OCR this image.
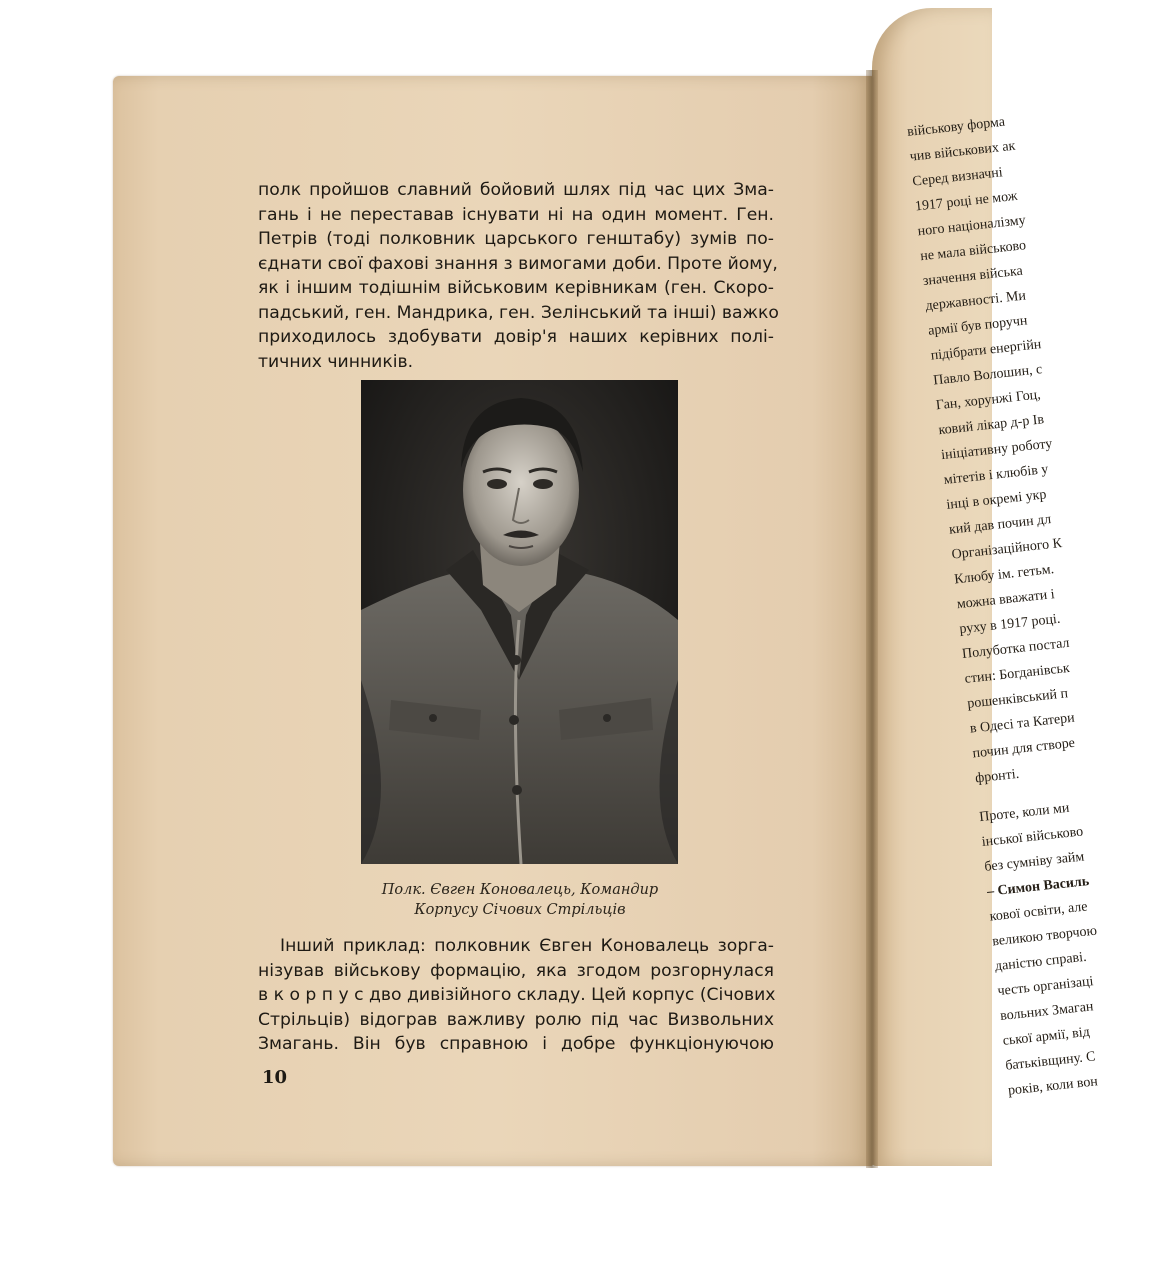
військову форма
чив військових ак
Серед визначні
1917 році не мож
ного націоналізму
не мала військово
значення війська
державності. Ми
армії був поручн
підібрати енергійн
Павло Волошин, с
Ган, хорунжі Гоц,
ковий лікар д-р Ів
ініціативну роботу
мітетів і клюбів у
інці в окремі укр
кий дав почин дл
Організаційного К
Клюбу ім. гетьм.
можна вважати і
руху в 1917 році.
Полуботка постал
стин: Богданівськ
рошенківський п
в Одесі та Катери
почин для створе
фронті.
Проте, коли ми
інської військово
без сумніву займ
– Симон Василь
кової освіти, але
великою творчою
даністю справі.
честь організаці
вольних Змаган
ської армії, від
батьківщину. С
років, коли вон
полк пройшов славний бойовий шлях під час цих Зма-
гань і не переставав існувати ні на один момент. Ген.
Петрів (тоді полковник царського генштабу) зумів по-
єднати свої фахові знання з вимогами доби. Проте йому,
як і іншим тодішнім військовим керівникам (ген. Скоро-
падський, ген. Мандрика, ген. Зелінський та інші) важко
приходилось здобувати довір'я наших керівних полі-
тичних чинників.
Полк. Євген Коновалець, Командир
Корпусу Січових Стрільців
Інший приклад: полковник Євген Коновалець зорга-
нізував військову формацію, яка згодом розгорнулася
в к о р п у с дво дивізійного складу. Цей корпус (Січових
Стрільців) відограв важливу ролю під час Визвольних
Змагань. Він був справною і добре функціонуючою
10
